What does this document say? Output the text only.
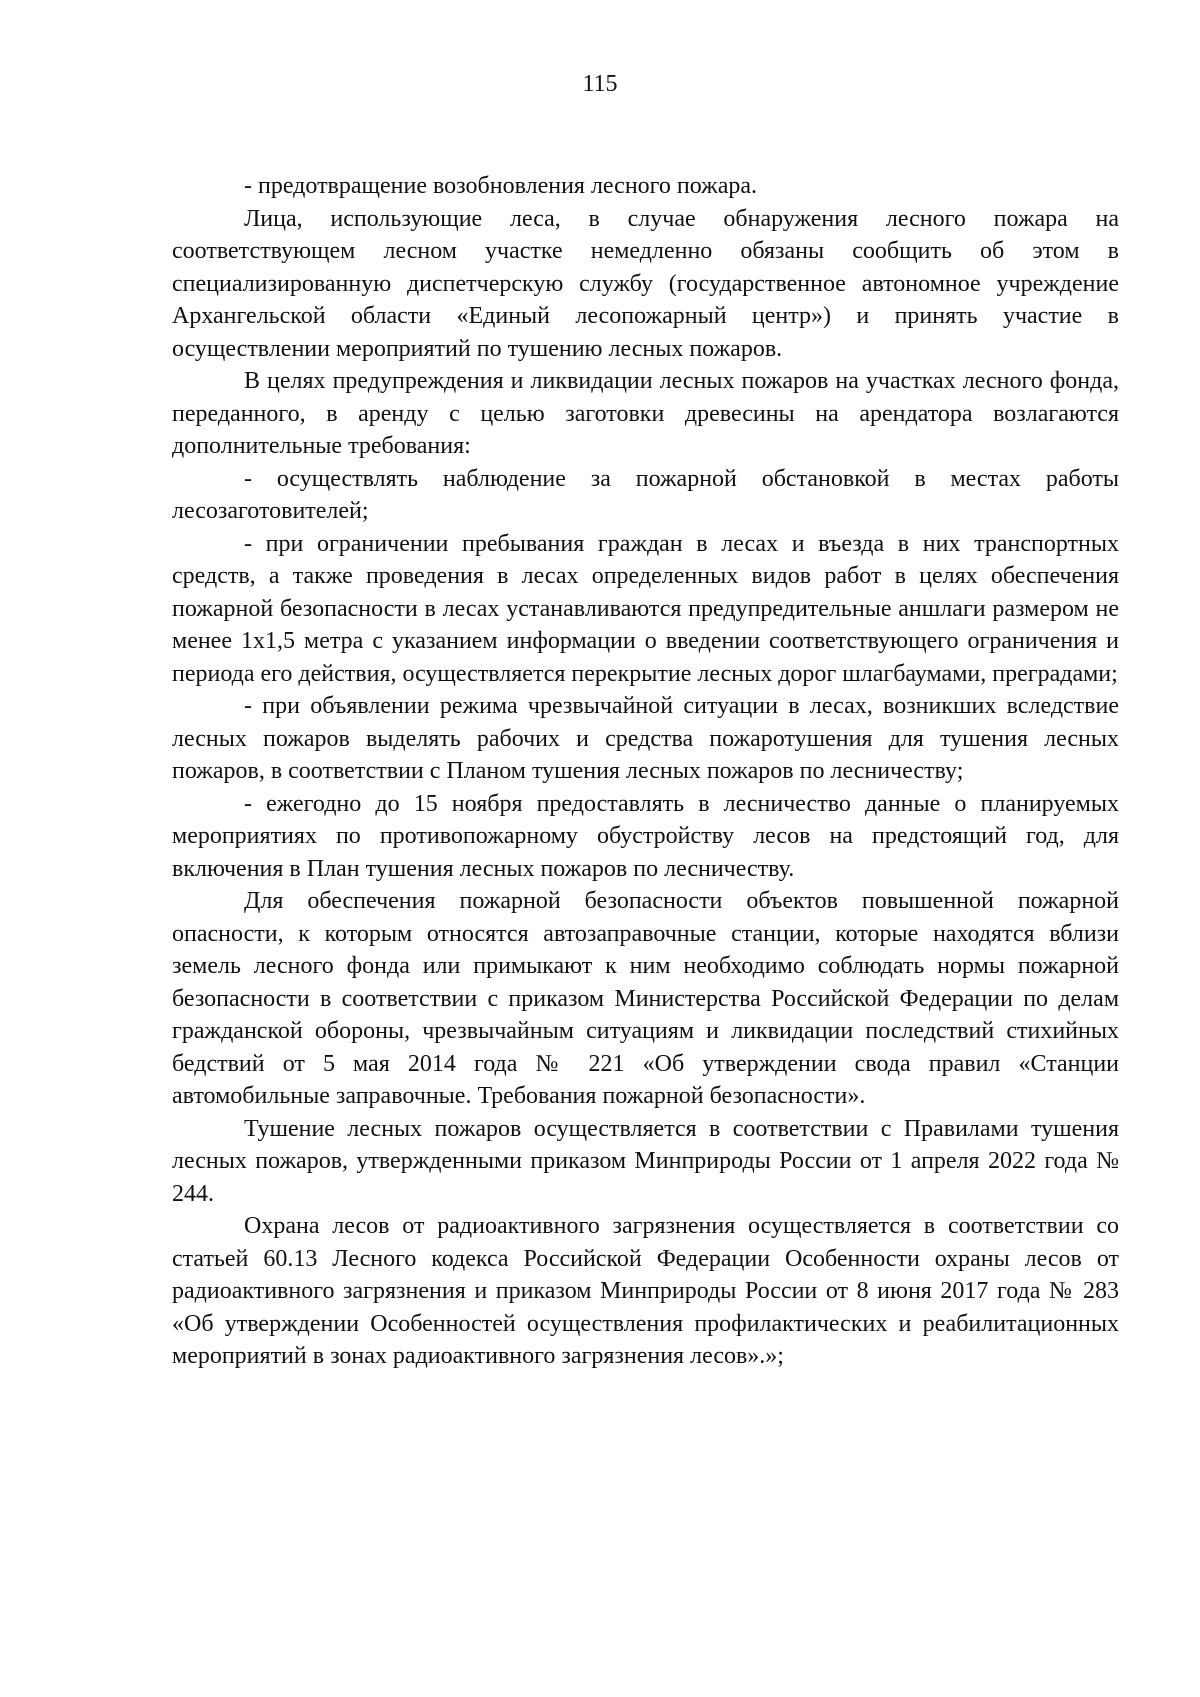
115

- предотвращение возобновления лесного пожара.

Лица, использующие леса, в случае обнаружения лесного пожара на соответствующем лесном участке немедленно обязаны сообщить об этом в специализированную диспетчерскую службу (государственное автономное учреждение Архангельской области «Единый лесопожарный центр») и принять участие в осуществлении мероприятий по тушению лесных пожаров.

В целях предупреждения и ликвидации лесных пожаров на участках лесного фонда, переданного, в аренду с целью заготовки древесины на арендатора возлагаются дополнительные требования:

- осуществлять наблюдение за пожарной обстановкой в местах работы лесозаготовителей;

- при ограничении пребывания граждан в лесах и въезда в них транспортных средств, а также проведения в лесах определенных видов работ в целях обеспечения пожарной безопасности в лесах устанавливаются предупредительные аншлаги размером не менее 1х1,5 метра с указанием информации о введении соответствующего ограничения и периода его действия, осуществляется перекрытие лесных дорог шлагбаумами, преградами;

- при объявлении режима чрезвычайной ситуации в лесах, возникших вследствие лесных пожаров выделять рабочих и средства пожаротушения для тушения лесных пожаров, в соответствии с Планом тушения лесных пожаров по лесничеству;

- ежегодно до 15 ноября предоставлять в лесничество данные о планируемых мероприятиях по противопожарному обустройству лесов на предстоящий год, для включения в План тушения лесных пожаров по лесничеству.

Для обеспечения пожарной безопасности объектов повышенной пожарной опасности, к которым относятся автозаправочные станции, которые находятся вблизи земель лесного фонда или примыкают к ним необходимо соблюдать нормы пожарной безопасности в соответствии с приказом Министерства Российской Федерации по делам гражданской обороны, чрезвычайным ситуациям и ликвидации последствий стихийных бедствий от 5 мая 2014 года № 221 «Об утверждении свода правил «Станции автомобильные заправочные. Требования пожарной безопасности».

Тушение лесных пожаров осуществляется в соответствии с Правилами тушения лесных пожаров, утвержденными приказом Минприроды России от 1 апреля 2022 года № 244.

Охрана лесов от радиоактивного загрязнения осуществляется в соответствии со статьей 60.13 Лесного кодекса Российской Федерации Особенности охраны лесов от радиоактивного загрязнения и приказом Минприроды России от 8 июня 2017 года № 283 «Об утверждении Особенностей осуществления профилактических и реабилитационных мероприятий в зонах радиоактивного загрязнения лесов».»;
